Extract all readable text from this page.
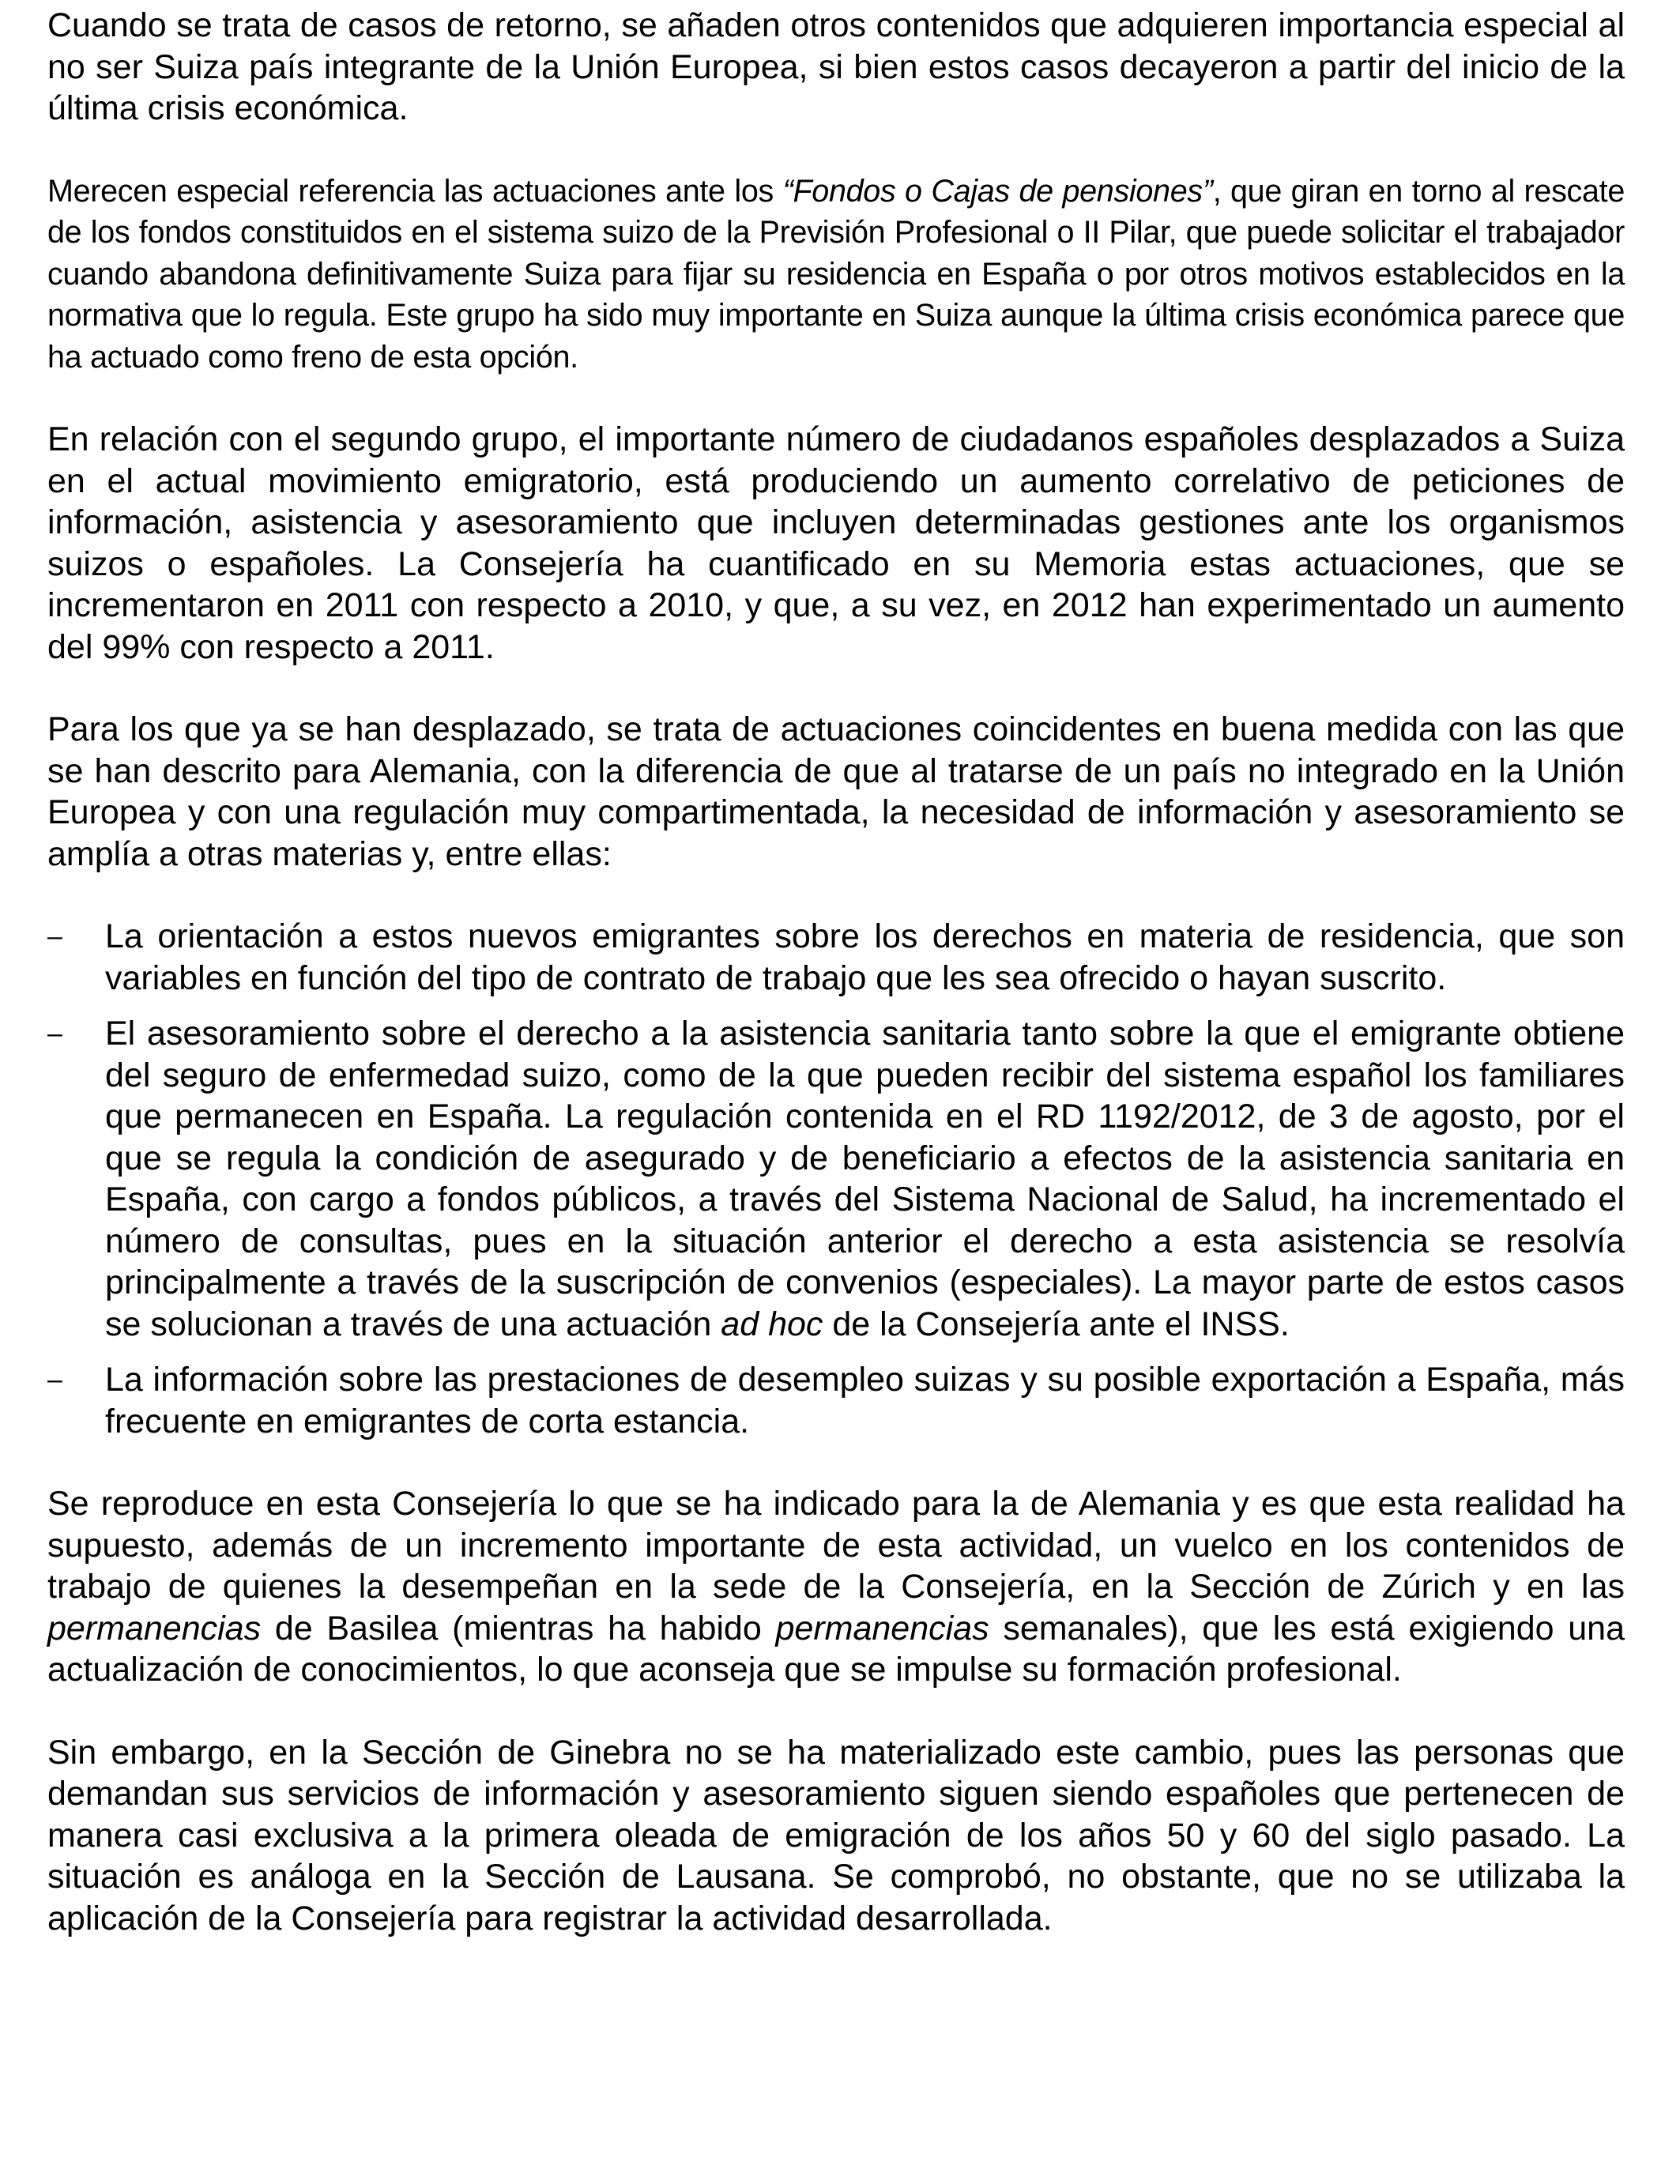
Cuando se trata de casos de retorno, se añaden otros contenidos que adquieren importancia especial al no ser Suiza país integrante de la Unión Europea, si bien estos casos decayeron a partir del inicio de la última crisis económica.

Merecen especial referencia las actuaciones ante los “Fondos o Cajas de pensiones”, que giran en torno al rescate de los fondos constituidos en el sistema suizo de la Previsión Profesional o II Pilar, que puede solicitar el trabajador cuando abandona definitivamente Suiza para fijar su residencia en España o por otros motivos establecidos en la normativa que lo regula. Este grupo ha sido muy importante en Suiza aunque la última crisis económica parece que ha actuado como freno de esta opción.

En relación con el segundo grupo, el importante número de ciudadanos españoles desplazados a Suiza en el actual movimiento emigratorio, está produciendo un aumento correlativo de peticiones de información, asistencia y asesoramiento que incluyen determinadas gestiones ante los organismos suizos o españoles. La Consejería ha cuantificado en su Memoria estas actuaciones, que se incrementaron en 2011 con respecto a 2010, y que, a su vez, en 2012 han experimentado un aumento del 99% con respecto a 2011.

Para los que ya se han desplazado, se trata de actuaciones coincidentes en buena medida con las que se han descrito para Alemania, con la diferencia de que al tratarse de un país no integrado en la Unión Europea y con una regulación muy compartimentada, la necesidad de información y asesoramiento se amplía a otras materias y, entre ellas:

–	La orientación a estos nuevos emigrantes sobre los derechos en materia de residencia, que son variables en función del tipo de contrato de trabajo que les sea ofrecido o hayan suscrito.

–	El asesoramiento sobre el derecho a la asistencia sanitaria tanto sobre la que el emigrante obtiene del seguro de enfermedad suizo, como de la que pueden recibir del sistema español los familiares que permanecen en España. La regulación contenida en el RD 1192/2012, de 3 de agosto, por el que se regula la condición de asegurado y de beneficiario a efectos de la asistencia sanitaria en España, con cargo a fondos públicos, a través del Sistema Nacional de Salud, ha incrementado el número de consultas, pues en la situación anterior el derecho a esta asistencia se resolvía principalmente a través de la suscripción de convenios (especiales). La mayor parte de estos casos se solucionan a través de una actuación ad hoc de la Consejería ante el INSS.

–	La información sobre las prestaciones de desempleo suizas y su posible exportación a España, más frecuente en emigrantes de corta estancia.

Se reproduce en esta Consejería lo que se ha indicado para la de Alemania y es que esta realidad ha supuesto, además de un incremento importante de esta actividad, un vuelco en los contenidos de trabajo de quienes la desempeñan en la sede de la Consejería, en la Sección de Zúrich y en las permanencias de Basilea (mientras ha habido permanencias semanales), que les está exigiendo una actualización de conocimientos, lo que aconseja que se impulse su formación profesional.

Sin embargo, en la Sección de Ginebra no se ha materializado este cambio, pues las personas que demandan sus servicios de información y asesoramiento siguen siendo españoles que pertenecen de manera casi exclusiva a la primera oleada de emigración de los años 50 y 60 del siglo pasado. La situación es análoga en la Sección de Lausana. Se comprobó, no obstante, que no se utilizaba la aplicación de la Consejería para registrar la actividad desarrollada.
